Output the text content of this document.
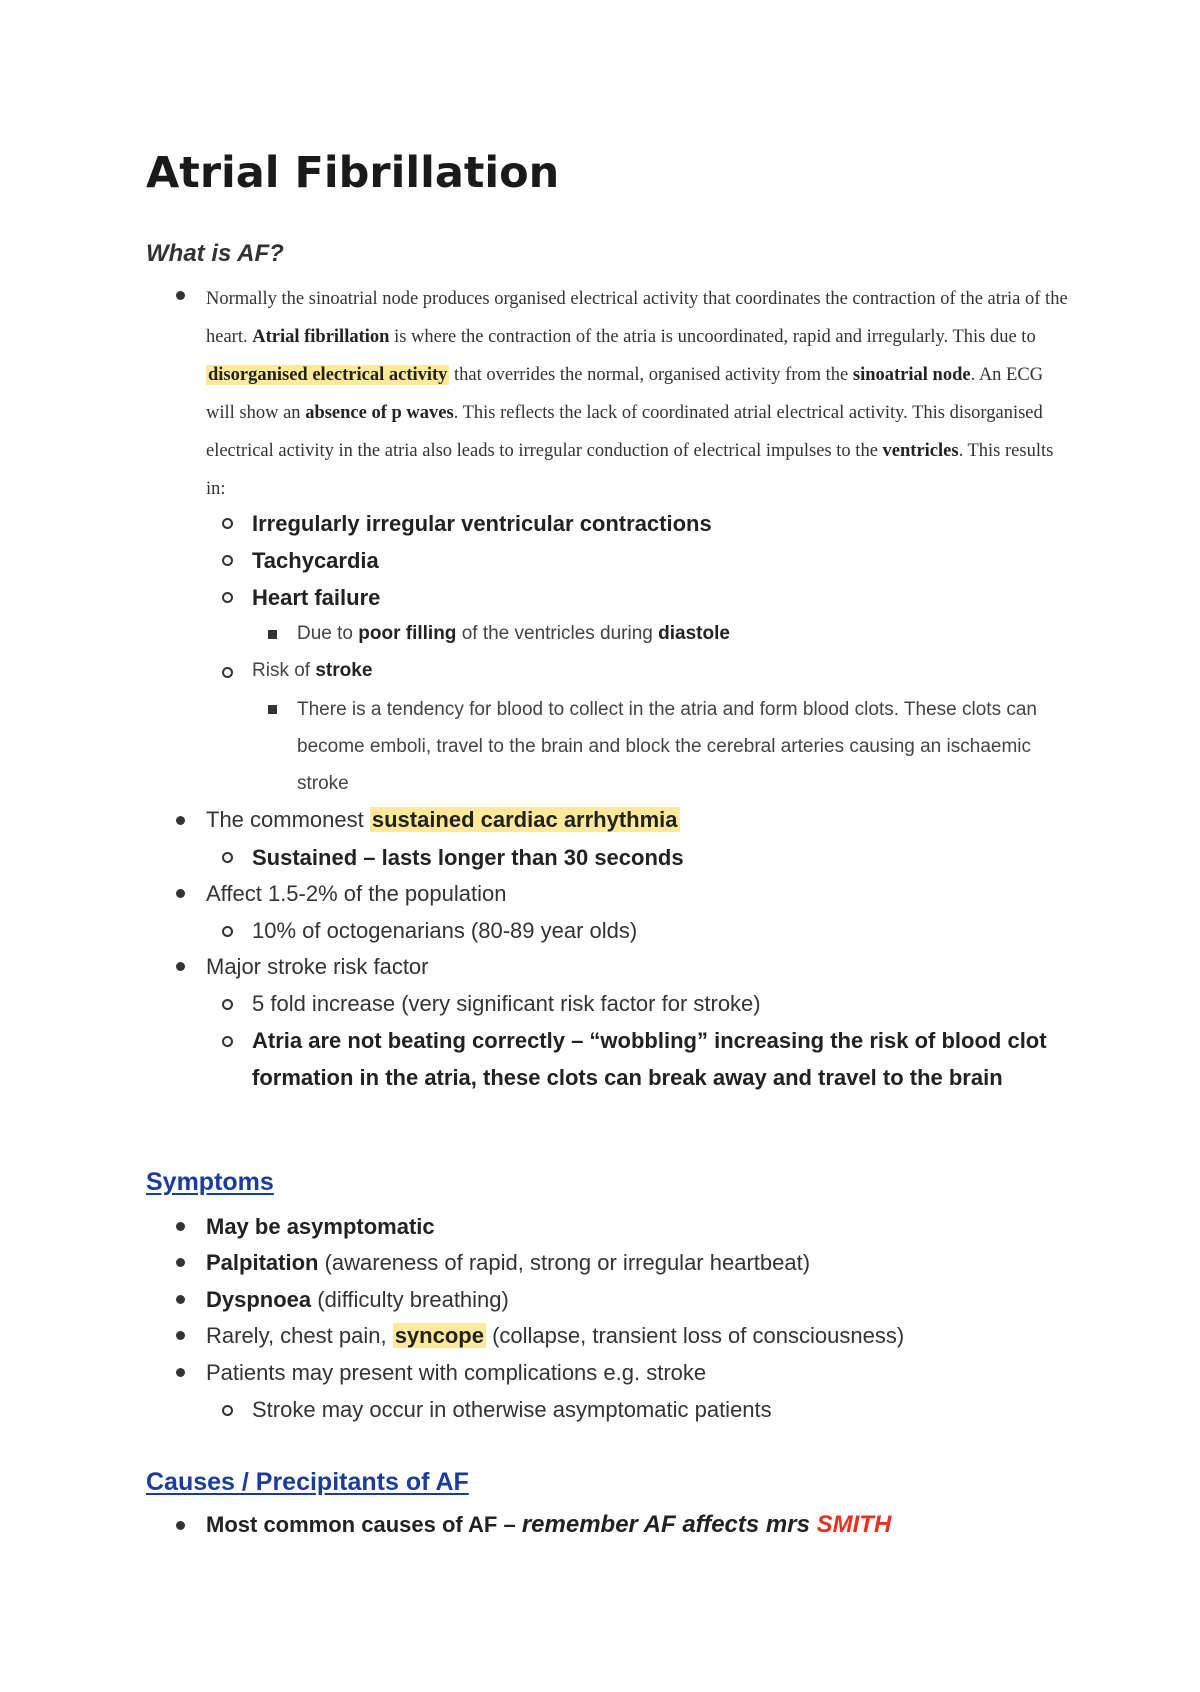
Atrial Fibrillation
What is AF?

Normally the sinoatrial node produces organised electrical activity that coordinates the contraction of the atria of the heart. Atrial fibrillation is where the contraction of the atria is uncoordinated, rapid and irregularly. This due to disorganised electrical activity that overrides the normal, organised activity from the sinoatrial node. An ECG will show an absence of p waves. This reflects the lack of coordinated atrial electrical activity. This disorganised electrical activity in the atria also leads to irregular conduction of electrical impulses to the ventricles. This results in:

Irregularly irregular ventricular contractions

Tachycardia

Heart failure

Due to poor filling of the ventricles during diastole

Risk of stroke

There is a tendency for blood to collect in the atria and form blood clots. These clots can become emboli, travel to the brain and block the cerebral arteries causing an ischaemic stroke

The commonest sustained cardiac arrhythmia

Sustained – lasts longer than 30 seconds

Affect 1.5-2% of the population

10% of octogenarians (80-89 year olds)

Major stroke risk factor

5 fold increase (very significant risk factor for stroke)

Atria are not beating correctly – “wobbling” increasing the risk of blood clot formation in the atria, these clots can break away and travel to the brain

Symptoms

May be asymptomatic

Palpitation (awareness of rapid, strong or irregular heartbeat)

Dyspnoea (difficulty breathing)

Rarely, chest pain, syncope (collapse, transient loss of consciousness)

Patients may present with complications e.g. stroke

Stroke may occur in otherwise asymptomatic patients

Causes / Precipitants of AF

Most common causes of AF – remember AF affects mrs SMITH
